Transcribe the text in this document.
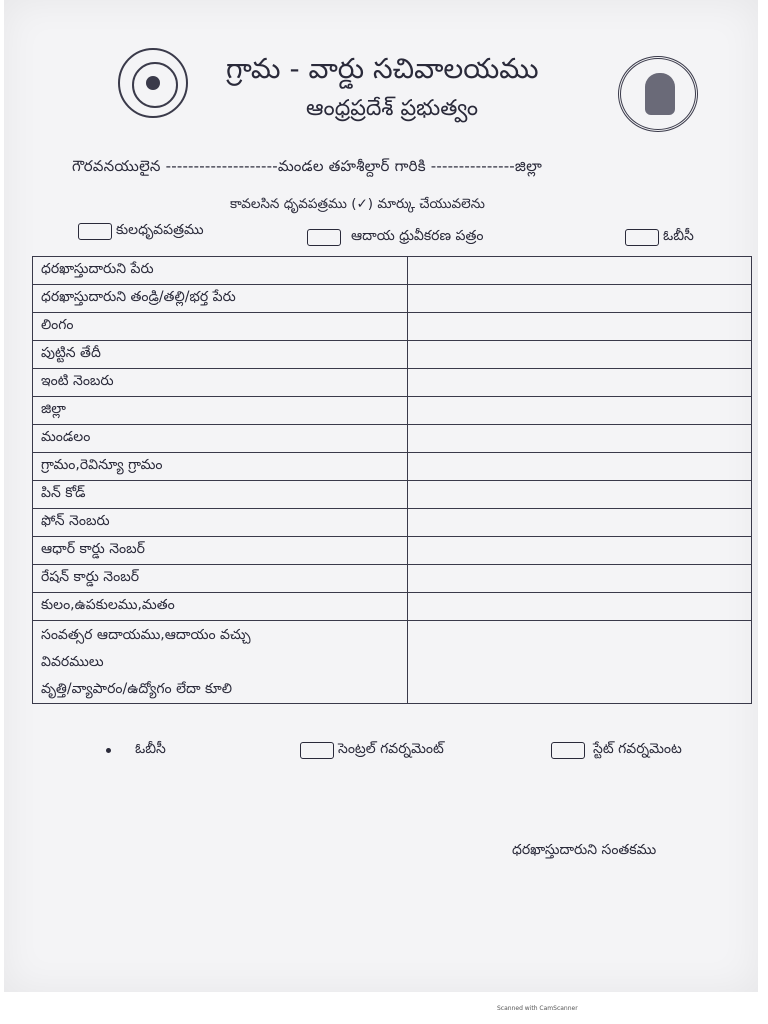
గ్రామ - వార్డు సచివాలయము
ఆంధ్రప్రదేశ్ ప్రభుత్వం
గౌరవనయులైన --------------------మండల తహశీల్దార్ గారికి ---------------జిల్లా
కావలసిన ధృవపత్రము (✓) మార్కు చేయువలెను
కులధృవపత్రము	ఆదాయ ధ్రువీకరణ పత్రం	ఓబీసీ
ధరఖాస్తుదారుని పేరు	
ధరఖాస్తుదారుని తండ్రి/తల్లి/భర్త పేరు	
లింగం	
పుట్టిన తేదీ	
ఇంటి నెంబరు	
జిల్లా	
మండలం	
గ్రామం,రెవిన్యూ గ్రామం	
పిన్ కోడ్	
ఫోన్ నెంబరు	
ఆధార్ కార్డు నెంబర్	
రేషన్ కార్డు నెంబర్	
కులం,ఉపకులము,మతం	

సంవత్సర ఆదాయము,ఆదాయం వచ్చు
వివరములు
వృత్తి/వ్యాపారం/ఉద్యోగం లేదా కూలి	

ఓబీసీ	సెంట్రల్ గవర్నమెంట్	స్టేట్ గవర్నమెంట
ధరఖాస్తుదారుని సంతకము
Scanned with CamScanner
